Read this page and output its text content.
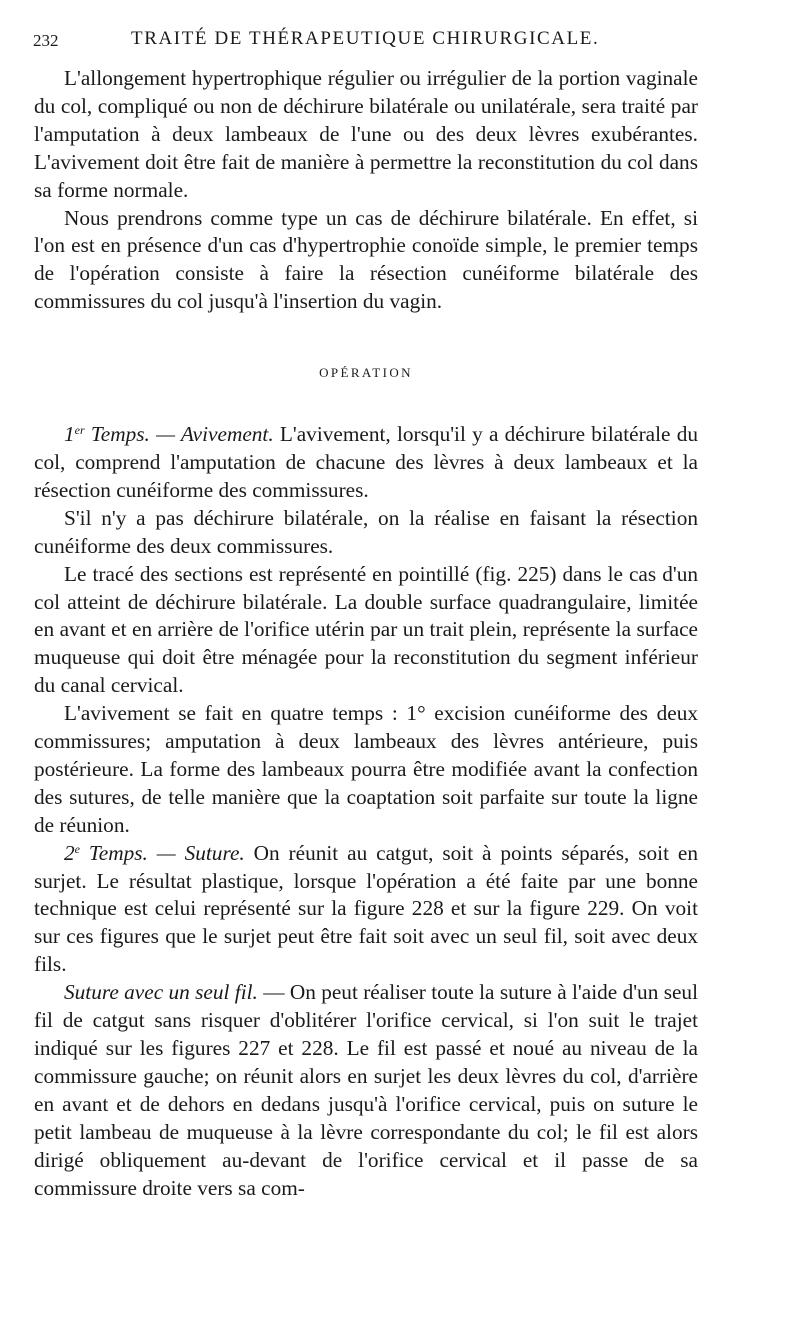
232	TRAITÉ DE THÉRAPEUTIQUE CHIRURGICALE.

L'allongement hypertrophique régulier ou irrégulier de la portion vaginale du col, compliqué ou non de déchirure bilatérale ou unilatérale, sera traité par l'amputation à deux lambeaux de l'une ou des deux lèvres exubérantes. L'avivement doit être fait de manière à permettre la reconstitution du col dans sa forme normale.

Nous prendrons comme type un cas de déchirure bilatérale. En effet, si l'on est en présence d'un cas d'hypertrophie conoïde simple, le premier temps de l'opération consiste à faire la résection cunéiforme bilatérale des commissures du col jusqu'à l'insertion du vagin.

OPÉRATION

1er Temps. — Avivement. L'avivement, lorsqu'il y a déchirure bilatérale du col, comprend l'amputation de chacune des lèvres à deux lambeaux et la résection cunéiforme des commissures.

S'il n'y a pas déchirure bilatérale, on la réalise en faisant la résection cunéiforme des deux commissures.

Le tracé des sections est représenté en pointillé (fig. 225) dans le cas d'un col atteint de déchirure bilatérale. La double surface quadrangulaire, limitée en avant et en arrière de l'orifice utérin par un trait plein, représente la surface muqueuse qui doit être ménagée pour la reconstitution du segment inférieur du canal cervical.

L'avivement se fait en quatre temps : 1° excision cunéiforme des deux commissures; amputation à deux lambeaux des lèvres antérieure, puis postérieure. La forme des lambeaux pourra être modifiée avant la confection des sutures, de telle manière que la coaptation soit parfaite sur toute la ligne de réunion.

2e Temps. — Suture. On réunit au catgut, soit à points séparés, soit en surjet. Le résultat plastique, lorsque l'opération a été faite par une bonne technique est celui représenté sur la figure 228 et sur la figure 229. On voit sur ces figures que le surjet peut être fait soit avec un seul fil, soit avec deux fils.

Suture avec un seul fil. — On peut réaliser toute la suture à l'aide d'un seul fil de catgut sans risquer d'oblitérer l'orifice cervical, si l'on suit le trajet indiqué sur les figures 227 et 228. Le fil est passé et noué au niveau de la commissure gauche; on réunit alors en surjet les deux lèvres du col, d'arrière en avant et de dehors en dedans jusqu'à l'orifice cervical, puis on suture le petit lambeau de muqueuse à la lèvre correspondante du col; le fil est alors dirigé obliquement au-devant de l'orifice cervical et il passe de sa commissure droite vers sa com-
